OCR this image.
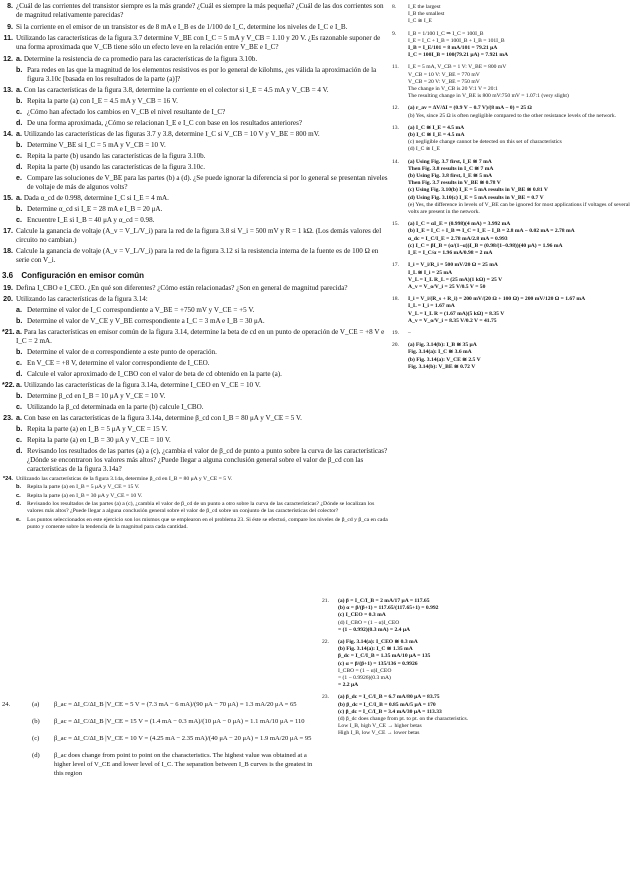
8. ¿Cuál de las corrientes del transistor siempre es la más grande? ¿Cuál es siempre la más pequeña? ¿Cuál de las dos corrientes son de magnitud relativamente parecidas?
9. Si la corriente en el emisor de un transistor es de 8 mA e I_B es de 1/100 de I_C, determine los niveles de I_C e I_B.
11. Utilizando las características de la figura 3.7 determine V_BE con I_C = 5 mA y V_CB = 1.10 y 20 V. ¿Es razonable suponer de una forma aproximada que V_CB tiene sólo un efecto leve en la relación entre V_BE e I_C?
12. a. Determine la resistencia de ca promedio para las características de la figura 3.10b.
b. Para redes en las que la magnitud de los elementos resistivos es por lo general de kilohms, ¿es válida la aproximación de la figura 3.10c [basada en los resultados de la parte (a)]?
13. a. Con las características de la figura 3.8, determine la corriente en el colector si I_E = 4.5 mA y V_CB = 4 V.
b. Repita la parte (a) con I_E = 4.5 mA y V_CB = 16 V.
c. ¿Cómo han afectado los cambios en V_CB el nivel resultante de I_C?
d. De una forma aproximada, ¿Cómo se relacionan I_E e I_C con base en los resultados anteriores?
14. a. Utilizando las características de las figuras 3.7 y 3.8, determine I_C si V_CB = 10 V y V_BE = 800 mV.
b. Determine V_BE si I_C = 5 mA y V_CB = 10 V.
c. Repita la parte (b) usando las características de la figura 3.10b.
d. Repita la parte (b) usando las características de la figura 3.10c.
e. Compare las soluciones de V_BE para las partes (b) a (d). ¿Se puede ignorar la diferencia si por lo general se presentan niveles de voltaje de más de algunos volts?
15. a. Dada α_cd de 0.998, determine I_C si I_E = 4 mA.
b. Determine α_cd si I_E = 28 mA e I_B = 20 μA.
c. Encuentre I_E si I_B = 40 μA y α_cd = 0.98.
17. Calcule la ganancia de voltaje (A_v = V_L/V_i) para la red de la figura 3.8 si V_i = 500 mV y R = 1 kΩ. (Los demás valores del circuito no cambian.)
18. Calcule la ganancia de voltaje (A_v = V_L/V_i) para la red de la figura 3.12 si la resistencia interna de la fuente es de 100 Ω en serie con V_i.
3.6 Configuración en emisor común
19. Defina I_CBO e I_CEO. ¿En qué son diferentes? ¿Cómo están relacionadas? ¿Son en general de magnitud parecida?
20. Utilizando las características de la figura 3.14:
a. Determine el valor de I_C correspondiente a V_BE = +750 mV y V_CE = +5 V.
b. Determine el valor de V_CE y V_BE correspondiente a I_C = 3 mA e I_B = 30 μA.
*21. a. Para las características en emisor común de la figura 3.14, determine la beta de cd en un punto de operación de V_CE = +8 V e I_C = 2 mA.
b. Determine el valor de α correspondiente a este punto de operación.
c. En V_CE = +8 V, determine el valor correspondiente de I_CEO.
d. Calcule el valor aproximado de I_CBO con el valor de beta de cd obtenido en la parte (a).
*22. a. Utilizando las características de la figura 3.14a, determine I_CEO en V_CE = 10 V.
b. Determine β_cd en I_B = 10 μA y V_CE = 10 V.
c. Utilizando la β_cd determinada en la parte (b) calcule I_CBO.
23. a. Con base en las características de la figura 3.14a, determine β_cd con I_B = 80 μA y V_CE = 5 V.
b. Repita la parte (a) en I_B = 5 μA y V_CE = 15 V.
c. Repita la parte (a) en I_B = 30 μA y V_CE = 10 V.
d. Revisando los resultados de las partes (a) a (c), ¿cambia el valor de β_cd de punto a punto sobre la curva de las características? ¿Dónde se encontraron los valores más altos? ¿Puede llegar a alguna conclusión general sobre el valor de β_cd con las características de la figura 3.14a?
*24. Utilizando las características de la figura 3.14a, determine β_cd en I_B = 80 μA y V_CE = 5 V.
b.	Repita la parte (a) en I_B = 5 μA y V_CE = 15 V.
c.	Repita la parte (a) en I_B = 30 μA y V_CE = 10 V.
d.	Revisando los resultados de las partes (a) a (c), ¿cambia el valor de β_cd de un punto a otro sobre la curva de las características? ¿Dónde se localizan los valores más altos? ¿Puede llegar a alguna conclusión general sobre el valor de β_cd sobre un conjunto de las características del colector?
e.	Los puntos seleccionados en este ejercicio son los mismos que se emplearon en el problema 23. Si éste se efectuó, compare los niveles de β_cd y β_ca en cada punto y comente sobre la tendencia de la magnitud para cada cantidad.
8.	I_E the largest
I_B the smallest
I_C ≅ I_E
9.	I_B = 1/100 I_C ⇒ I_C = 100I_B
I_E = I_C + I_B = 100I_B + I_B = 101I_B
I_B = I_E/101 = 8 mA/101 = 79.21 μA
I_C = 100I_B = 100(79.21 μA) = 7.921 mA
11.	I_E = 5 mA, V_CB = 1 V: V_BE = 800 mV
V_CB = 10 V: V_BE = 770 mV
V_CB = 20 V: V_BE = 750 mV
The change in V_CB is 20 V:1 V = 20:1
The resulting change in V_BE is 800 mV:750 mV = 1.07:1 (very slight)
12.	(a) r_av = ΔV/ΔI = (0.9 V − 0.7 V)/(8 mA − 0) = 25 Ω
(b) Yes, since 25 Ω is often negligible compared to the other resistance levels of the network.
13.	(a) I_C ≅ I_E = 4.5 mA
(b) I_C ≅ I_E = 4.5 mA
(c) negligible change cannot be detected on this set of characteristics
(d) I_C ≅ I_E
14.	(a) Using Fig. 3.7 first, I_E ≅ 7 mA
Then Fig. 3.8 results in I_C ≅ 7 mA
(b) Using Fig. 3.8 first, I_E ≅ 5 mA
Then Fig. 3.7 results in V_BE ≅ 0.78 V
(c) Using Fig. 3.10(b) I_E = 5 mA results in V_BE ≅ 0.81 V
(d) Using Fig. 3.10(c) I_E = 5 mA results in V_BE = 0.7 V
(e) Yes, the difference in levels of V_BE can be ignored for most applications if voltages of several volts are present in the network.
15.	(a) I_C = αI_E = (0.998)(4 mA) = 3.992 mA
(b) I_E = I_C + I_B ⇒ I_C = I_E − I_B = 2.8 mA − 0.02 mA = 2.78 mA
α_dc = I_C/I_E = 2.78 mA/2.8 mA = 0.993
(c) I_C = βI_B = (α/(1−α))I_B = (0.98/(1−0.98))(40 μA) = 1.96 mA
I_E = I_C/α = 1.96 mA/0.98 = 2 mA
17.	I_i = V_i/R_i = 500 mV/20 Ω = 25 mA
I_L ≅ I_i = 25 mA
V_L = I_L R_L = (25 mA)(1 kΩ) = 25 V
A_v = V_o/V_i = 25 V/0.5 V = 50
18.	I_i = V_i/(R_s + R_i) = 200 mV/(20 Ω + 100 Ω) = 200 mV/120 Ω = 1.67 mA
I_L = I_i = 1.67 mA
V_L = I_L R = (1.67 mA)(5 kΩ) = 8.35 V
A_v = V_o/V_i = 8.35 V/0.2 V = 41.75
19.	–
20.	(a) Fig. 3.14(b): I_B ≅ 35 μA
Fig. 3.14(a): I_C ≅ 3.6 mA
(b) Fig. 3.14(a): V_CE ≅ 2.5 V
Fig. 3.14(b): V_BE ≅ 0.72 V
24.	(a)	β_ac = ΔI_C/ΔI_B |V_CE = 5 V = (7.3 mA − 6 mA)/(90 μA − 70 μA) = 1.3 mA/20 μA = 65
(b)	β_ac = ΔI_C/ΔI_B |V_CE = 15 V = (1.4 mA − 0.3 mA)/(10 μA − 0 μA) = 1.1 mA/10 μA = 110
(c)	β_ac = ΔI_C/ΔI_B |V_CE = 10 V = (4.25 mA − 2.35 mA)/(40 μA − 20 μA) = 1.9 mA/20 μA = 95
(d)	β_ac does change from point to point on the characteristics. The highest value was obtained at a higher level of V_CE and lower level of I_C. The separation between I_B curves is the greatest in this region
21.	(a) β = I_C/I_B = 2 mA/17 μA = 117.65
(b) α = β/(β+1) = 117.65/(117.65+1) = 0.992
(c) I_CEO = 0.3 mA
(d) I_CBO = (1 − α)I_CEO
= (1 − 0.992)(0.3 mA) = 2.4 μA
22.	(a) Fig. 3.14(a): I_CEO ≅ 0.3 mA
(b) Fig. 3.14(a): I_C ≅ 1.35 mA
β_dc = I_C/I_B = 1.35 mA/10 μA = 135
(c) α = β/(β+1) = 135/136 = 0.9926
I_CBO = (1 − α)I_CEO
= (1 − 0.9926)(0.3 mA)
= 2.2 μA
23.	(a) β_dc = I_C/I_B = 6.7 mA/80 μA = 83.75
(b) β_dc = I_C/I_B = 0.85 mA/5 μA = 170
(c) β_dc = I_C/I_B = 3.4 mA/30 μA = 113.33
(d) β_dc does change from pt. to pt. on the characteristics.
Low I_B, high V_CE → higher betas
High I_B, low V_CE → lower betas
